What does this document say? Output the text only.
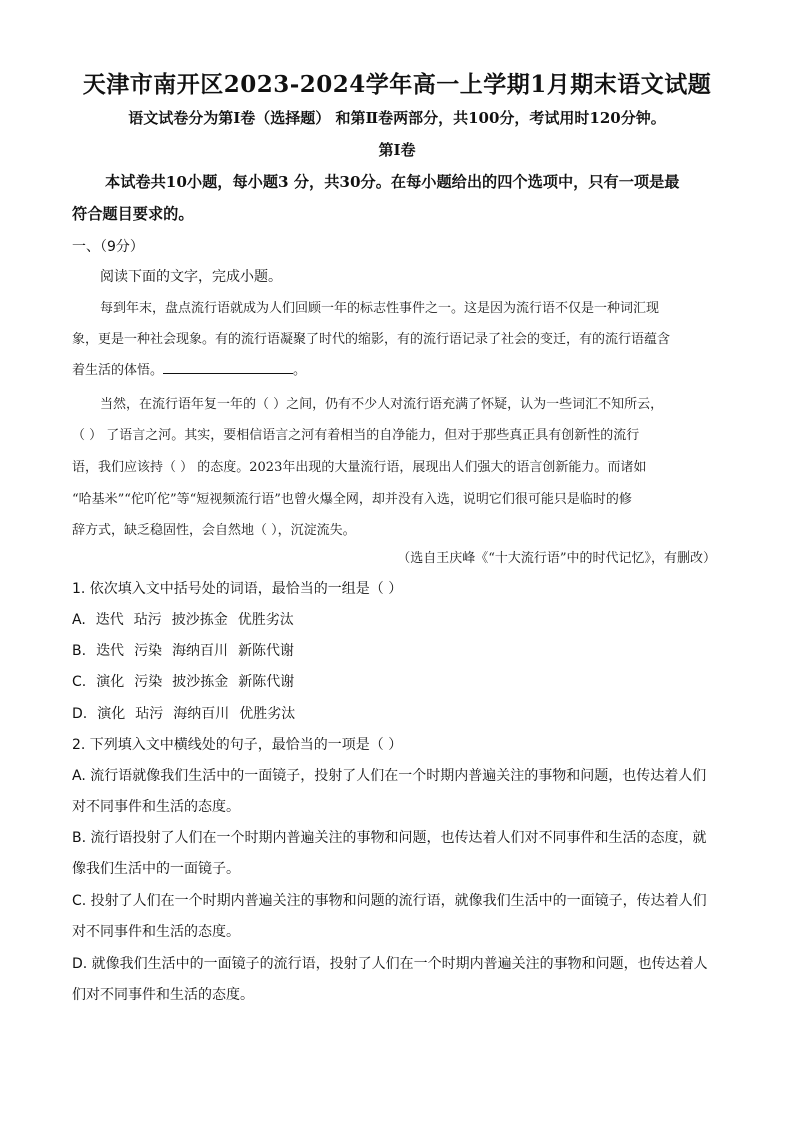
天津市南开区2023-2024学年高一上学期1月期末语文试题
语文试卷分为第Ⅰ卷（选择题） 和第Ⅱ卷两部分，共100分，考试用时120分钟。
第Ⅰ卷
本试卷共10小题，每小题3 分，共30分。在每小题给出的四个选项中，只有一项是最
符合题目要求的。
一、（9分）
阅读下面的文字，完成小题。
每到年末，盘点流行语就成为人们回顾一年的标志性事件之一。这是因为流行语不仅是一种词汇现
象，更是一种社会现象。有的流行语凝聚了时代的缩影，有的流行语记录了社会的变迁，有的流行语蕴含
着生活的体悟。	。
当然，在流行语年复一年的（ ）之间，仍有不少人对流行语充满了怀疑，认为一些词汇不知所云，
（ ） 了语言之河。其实，要相信语言之河有着相当的自净能力，但对于那些真正具有创新性的流行
语，我们应该持（ ） 的态度。2023年出现的大量流行语，展现出人们强大的语言创新能力。而诸如
“哈基米”“佗吖佗”等“短视频流行语”也曾火爆全网，却并没有入选，说明它们很可能只是临时的修
辞方式，缺乏稳固性，会自然地（ ），沉淀流失。
（选自王庆峰《“十大流行语”中的时代记忆》，有删改）
1. 依次填入文中括号处的词语，最恰当的一组是（ ）
A. 迭代 玷污 披沙拣金 优胜劣汰
B. 迭代 污染 海纳百川 新陈代谢
C. 演化 污染 披沙拣金 新陈代谢
D. 演化 玷污 海纳百川 优胜劣汰
2. 下列填入文中横线处的句子，最恰当的一项是（ ）
A. 流行语就像我们生活中的一面镜子，投射了人们在一个时期内普遍关注的事物和问题，也传达着人们
对不同事件和生活的态度。
B. 流行语投射了人们在一个时期内普遍关注的事物和问题，也传达着人们对不同事件和生活的态度，就
像我们生活中的一面镜子。
C. 投射了人们在一个时期内普遍关注的事物和问题的流行语，就像我们生活中的一面镜子，传达着人们
对不同事件和生活的态度。
D. 就像我们生活中的一面镜子的流行语，投射了人们在一个时期内普遍关注的事物和问题，也传达着人
们对不同事件和生活的态度。
